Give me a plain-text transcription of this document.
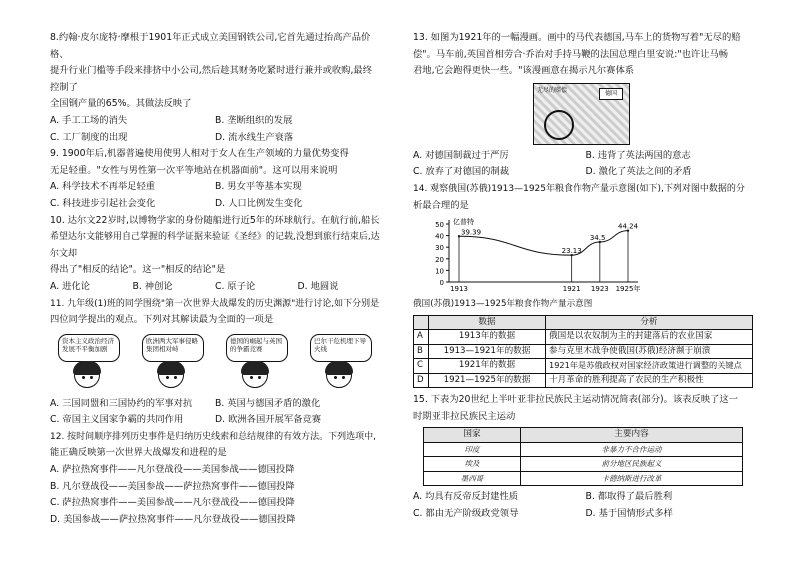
8.约翰·皮尔庞特·摩根于1901年正式成立美国钢铁公司,它首先通过抬高产品价格、

提升行业门槛等手段来排挤中小公司,然后趁其财务吃紧时进行兼并或收购,最终控制了

全国钢产量的65%。其做法反映了

A. 手工工场的消失	B. 垄断组织的发展
C. 工厂制度的出现	D. 流水线生产衰落

9. 1900年后,机器普遍使用使男人相对于女人在生产领域的力量优势变得

无足轻重。"女性与男性第一次平等地站在机器面前"。这可以用来说明

A. 科学技术不再举足轻重	B. 男女平等基本实现
C. 科技进步引起社会变化	D. 人口比例发生变化

10. 达尔文22岁时,以博物学家的身份随船进行近5年的环球航行。在航行前,船长

希望达尔文能够用自己掌握的科学证据来验证《圣经》的记载,没想到旅行结束后,达尔文却

得出了"相反的结论"。这一"相反的结论"是

A. 进化论	B. 神创论	C. 原子论	D. 地圆说

11. 九年级(1)班的同学围绕"第一次世界大战爆发的历史渊源"进行讨论,如下分别是

四位同学提出的观点。下列对其解读最为全面的一项是

资本主义政治经济发展不平衡加剧
欧洲两大军事侵略集团相对峙
德国的崛起与英国的争霸竞赛
巴尔干危机埋下导火线
A. 三国同盟和三国协约的军事对抗	B. 英国与德国矛盾的激化
C. 帝国主义国家争霸的共同作用	D. 欧洲各国开展军备竞赛

12. 按时间顺序排列历史事件是归纳历史线索和总结规律的有效方法。下列选项中,

能正确反映第一次世界大战爆发和进程的是

A. 萨拉热窝事件——凡尔登战役——美国参战——德国投降

B. 凡尔登战役——美国参战——萨拉热窝事件——德国投降

C. 萨拉热窝事件——美国参战——凡尔登战役——德国投降

D. 美国参战——萨拉热窝事件——凡尔登战役——德国投降

13. 如图为1921年的一幅漫画。画中的马代表德国,马车上的货物写着"无尽的赔

偿"。马车前,英国首相劳合·乔治对手持马鞭的法国总理白里安说:"也许让马畅

君地,它会跑得更快一些。"该漫画意在揭示凡尔赛体系

无尽的赔偿	德国
A. 对德国制裁过于严厉	B. 违背了英法两国的意志
C. 放弃了对德国的制裁	D. 激化了英法之间的矛盾

14. 观察俄国(苏俄)1913—1925年粮食作物产量示意图(如下),下列对图中数据的分

析最合理的是

0
10
20
30
40
50 亿普特
39.39
1913
23.13
1921
34.5
1923
44.24
1925年

俄国(苏俄)1913—1925年粮食作物产量示意图

	数据	分析
A	1913年的数据	俄国是以农奴制为主的封建落后的农业国家
B	1913—1921年的数据	参与克里木战争使俄国(苏俄)经济濒于崩溃
C	1921年的数据	1921年是苏俄政权对国家经济政策进行调整的关键点
D	1921—1925年的数据	十月革命的胜利提高了农民的生产积极性

15. 下表为20世纪上半叶亚非拉民族民主运动情况简表(部分)。该表反映了这一

时期亚非拉民族民主运动

国家	主要内容
印度	非暴力不合作运动
埃及	前分地区民族起义
墨西哥	卡德纳斯进行改革
A. 均具有反帝反封建性质	B. 都取得了最后胜利
C. 都由无产阶级政党领导	D. 基于国情形式多样
